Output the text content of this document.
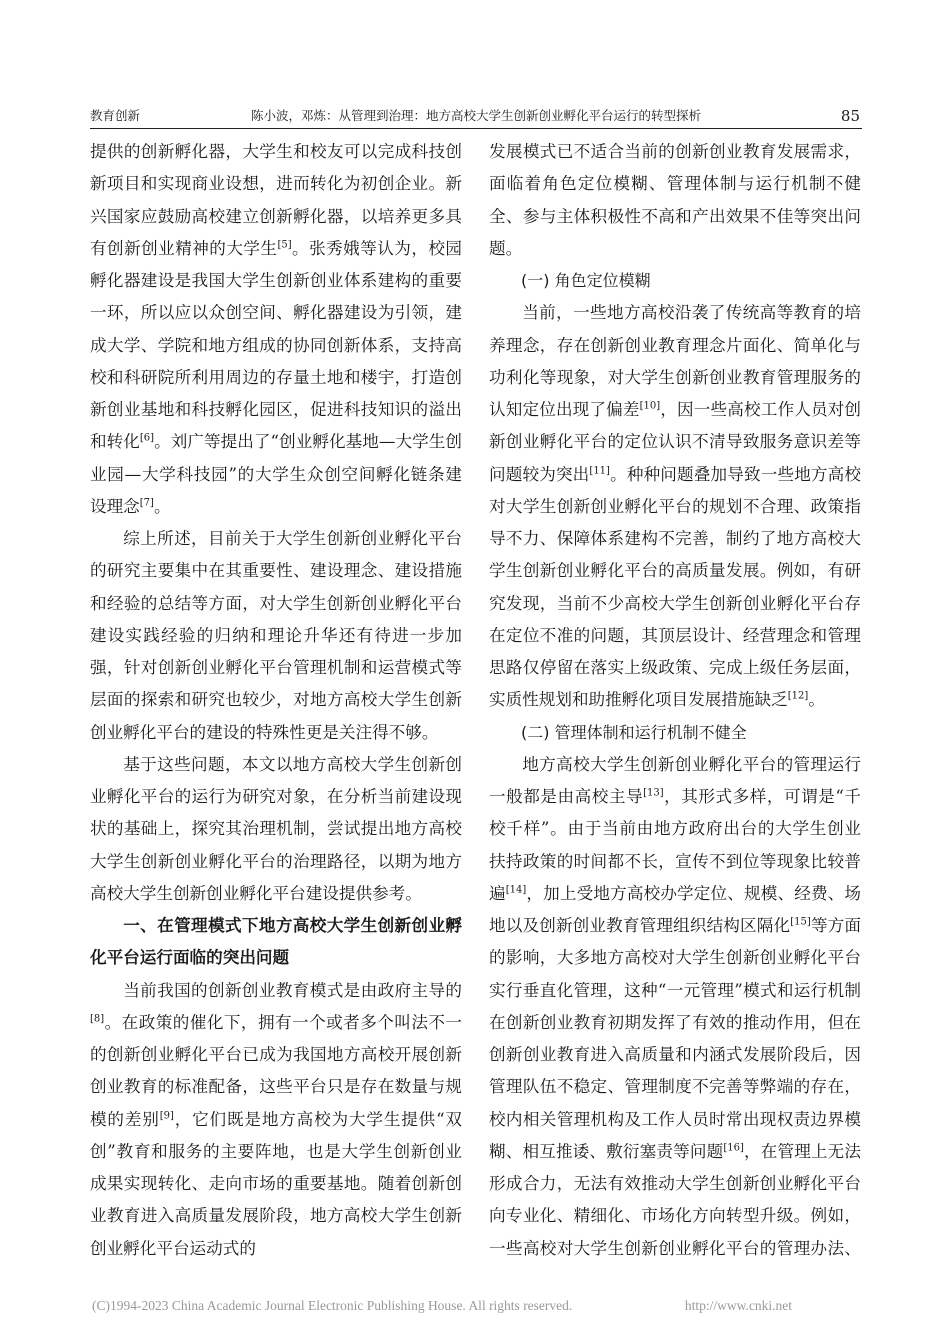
教育创新	陈小波，邓炼：从管理到治理：地方高校大学生创新创业孵化平台运行的转型探析	85

提供的创新孵化器，大学生和校友可以完成科技创新项目和实现商业设想，进而转化为初创企业。新兴国家应鼓励高校建立创新孵化器，以培养更多具有创新创业精神的大学生[5]。张秀娥等认为，校园孵化器建设是我国大学生创新创业体系建构的重要一环，所以应以众创空间、孵化器建设为引领，建成大学、学院和地方组成的协同创新体系，支持高校和科研院所利用周边的存量土地和楼宇，打造创新创业基地和科技孵化园区，促进科技知识的溢出和转化[6]。刘广等提出了“创业孵化基地—大学生创业园—大学科技园”的大学生众创空间孵化链条建设理念[7]。

综上所述，目前关于大学生创新创业孵化平台的研究主要集中在其重要性、建设理念、建设措施和经验的总结等方面，对大学生创新创业孵化平台建设实践经验的归纳和理论升华还有待进一步加强，针对创新创业孵化平台管理机制和运营模式等层面的探索和研究也较少，对地方高校大学生创新创业孵化平台的建设的特殊性更是关注得不够。

基于这些问题，本文以地方高校大学生创新创业孵化平台的运行为研究对象，在分析当前建设现状的基础上，探究其治理机制，尝试提出地方高校大学生创新创业孵化平台的治理路径，以期为地方高校大学生创新创业孵化平台建设提供参考。

一、在管理模式下地方高校大学生创新创业孵化平台运行面临的突出问题

当前我国的创新创业教育模式是由政府主导的 [8]。在政策的催化下，拥有一个或者多个叫法不一的创新创业孵化平台已成为我国地方高校开展创新创业教育的标准配备，这些平台只是存在数量与规模的差别[9]，它们既是地方高校为大学生提供“双创”教育和服务的主要阵地，也是大学生创新创业成果实现转化、走向市场的重要基地。随着创新创业教育进入高质量发展阶段，地方高校大学生创新创业孵化平台运动式的

发展模式已不适合当前的创新创业教育发展需求，面临着角色定位模糊、管理体制与运行机制不健全、参与主体积极性不高和产出效果不佳等突出问题。

(一) 角色定位模糊

当前，一些地方高校沿袭了传统高等教育的培养理念，存在创新创业教育理念片面化、简单化与功利化等现象，对大学生创新创业教育管理服务的认知定位出现了偏差[10]，因一些高校工作人员对创新创业孵化平台的定位认识不清导致服务意识差等问题较为突出[11]。种种问题叠加导致一些地方高校对大学生创新创业孵化平台的规划不合理、政策指导不力、保障体系建构不完善，制约了地方高校大学生创新创业孵化平台的高质量发展。例如，有研究发现，当前不少高校大学生创新创业孵化平台存在定位不准的问题，其顶层设计、经营理念和管理思路仅停留在落实上级政策、完成上级任务层面，实质性规划和助推孵化项目发展措施缺乏[12]。

(二) 管理体制和运行机制不健全

地方高校大学生创新创业孵化平台的管理运行一般都是由高校主导[13]，其形式多样，可谓是“千校千样”。由于当前由地方政府出台的大学生创业扶持政策的时间都不长，宣传不到位等现象比较普遍[14]，加上受地方高校办学定位、规模、经费、场地以及创新创业教育管理组织结构区隔化[15]等方面的影响，大多地方高校对大学生创新创业孵化平台实行垂直化管理，这种“一元管理”模式和运行机制在创新创业教育初期发挥了有效的推动作用，但在创新创业教育进入高质量和内涵式发展阶段后，因管理队伍不稳定、管理制度不完善等弊端的存在，校内相关管理机构及工作人员时常出现权责边界模糊、相互推诿、敷衍塞责等问题[16]，在管理上无法形成合力，无法有效推动大学生创新创业孵化平台向专业化、精细化、市场化方向转型升级。例如，一些高校对大学生创新创业孵化平台的管理办法、

(C)1994-2023 China Academic Journal Electronic Publishing House. All rights reserved.	http://www.cnki.net
